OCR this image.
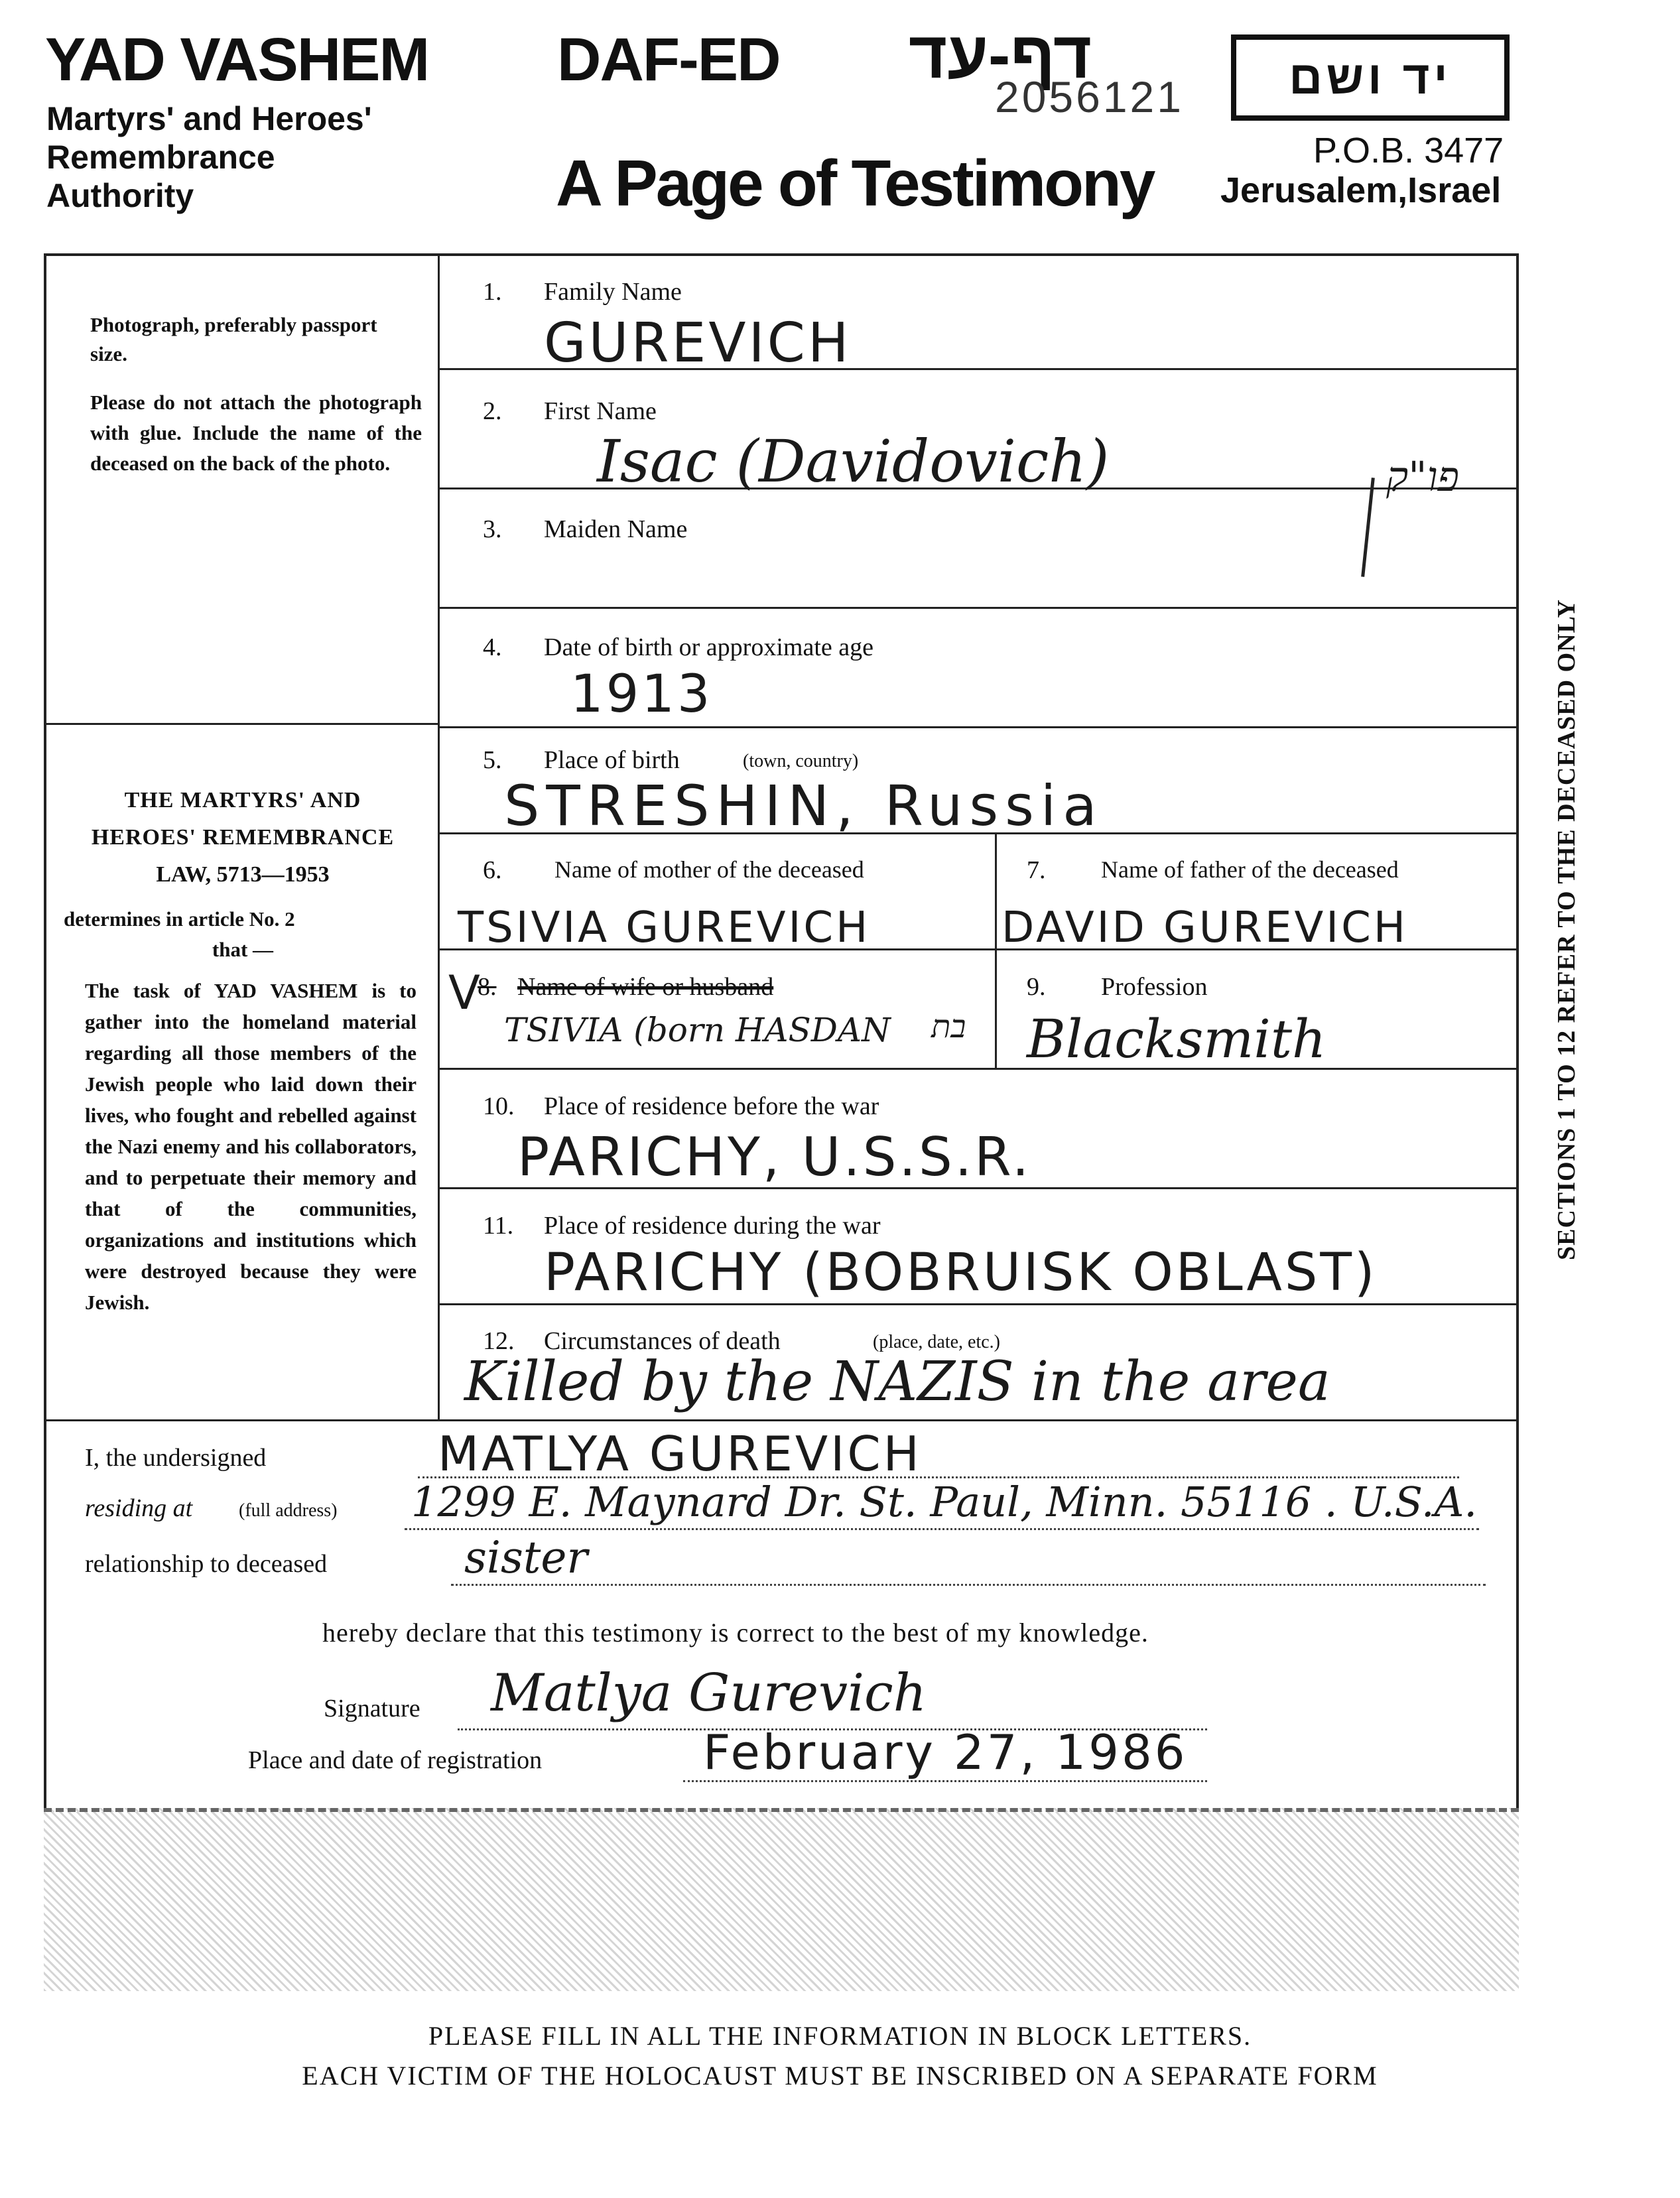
YAD VASHEM
Martyrs' and Heroes'
Remembrance
Authority
DAF-ED דף-עד
2056121
A Page of Testimony
יד ושם
P.O.B. 3477
Jerusalem,Israel
Photograph, preferably passport size.
Please do not attach the photograph with glue. Include the name of the deceased on the back of the photo.
THE MARTYRS' AND
HEROES' REMEMBRANCE
LAW, 5713—1953
determines in article No. 2
that —
The task of YAD VASHEM is to gather into the homeland material regarding all those members of the Jewish people who laid down their lives, who fought and rebelled against the Nazi enemy and his collaborators, and to perpetuate their memory and that of the communities, organizations and institutions which were destroyed because they were Jewish.
1. Family Name
GUREVICH
2. First Name
Isac (Davidovich)	פו"ק
3. Maiden Name
4. Date of birth or approximate age
1913
5. Place of birth	(town, country)
STRESHIN, Russia
6. Name of mother of the deceased
TSIVIA GUREVICH
7. Name of father of the deceased
DAVID GUREVICH
8. Name of wife or husband
V
TSIVIA (born HASDAN בת
9. Profession
Blacksmith
10. Place of residence before the war
PARICHY, U.S.S.R.
11. Place of residence during the war
PARICHY (BOBRUISK OBLAST)
12. Circumstances of death	(place, date, etc.)
Killed by the NAZIS in the area
SECTIONS 1 TO 12 REFER TO THE DECEASED ONLY
I, the undersigned	MATLYA GUREVICH
residing at (full address) 1299 E. Maynard Dr. St. Paul, Minn. 55116 . U.S.A.
relationship to deceased	sister
hereby declare that this testimony is correct to the best of my knowledge.
Signature Matlya Gurevich
Place and date of registration	February 27, 1986
PLEASE FILL IN ALL THE INFORMATION IN BLOCK LETTERS.
EACH VICTIM OF THE HOLOCAUST MUST BE INSCRIBED ON A SEPARATE FORM
